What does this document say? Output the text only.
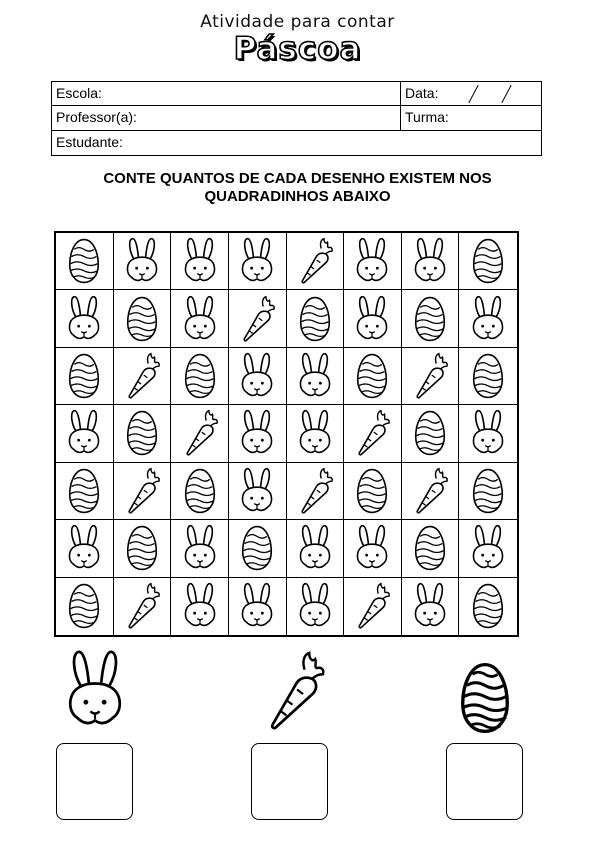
Atividade para contar
Páscoa
Escola:	Data:
Professor(a):	Turma:
Estudante:
CONTE QUANTOS DE CADA DESENHO EXISTEM NOS
QUADRADINHOS ABAIXO
